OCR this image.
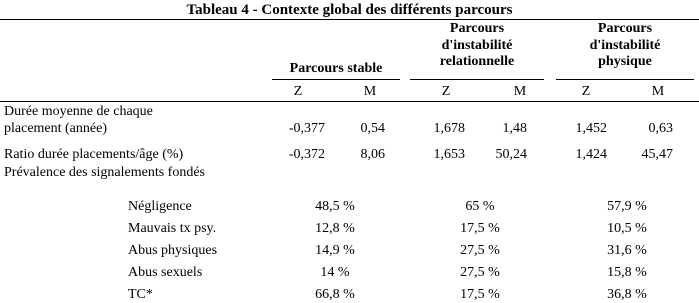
Tableau 4 - Contexte global des différents parcours
Parcours stable
Parcours
d'instabilité
relationnelle
Parcours
d'instabilité
physique
Z	M	Z	M	Z	M
Durée moyenne de chaque
placement (année)	-0,377	0,54	1,678	1,48	1,452	0,63
Ratio durée placements/âge (%)	-0,372	8,06	1,653 50,24	1,424 45,47
Prévalence des signalements fondés
Négligence	48,5 %	65 %	57,9 %
Mauvais tx psy.	12,8 %	17,5 %	10,5 %
Abus physiques	14,9 %	27,5 %	31,6 %
Abus sexuels	14 %	27,5 %	15,8 %
TC*	66,8 %	17,5 %	36,8 %
